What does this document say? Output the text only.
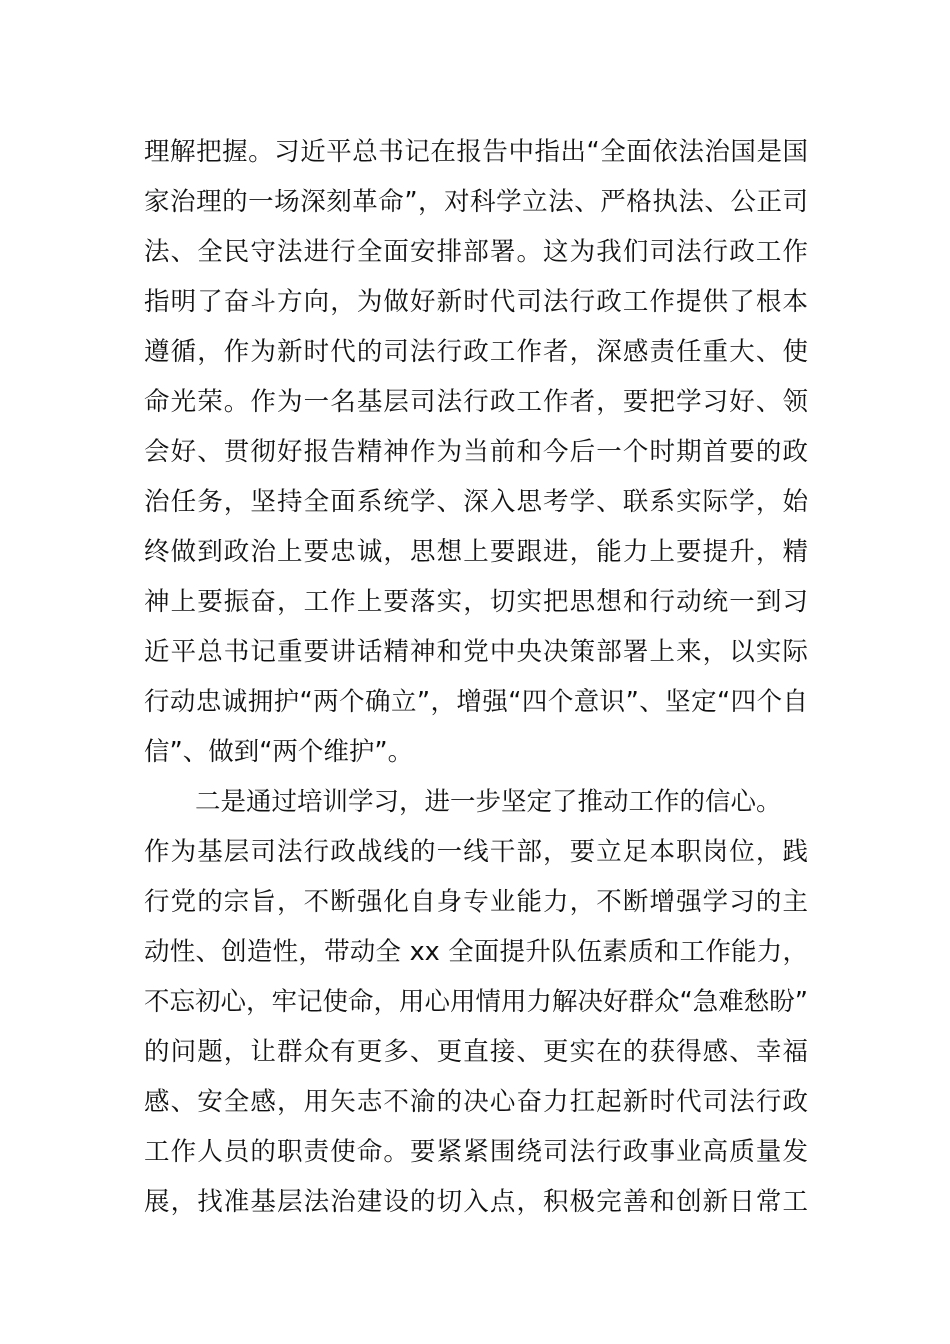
理解把握。习近平总书记在报告中指出“全面依法治国是国
家治理的一场深刻革命”，对科学立法、严格执法、公正司
法、全民守法进行全面安排部署。这为我们司法行政工作
指明了奋斗方向，为做好新时代司法行政工作提供了根本
遵循，作为新时代的司法行政工作者，深感责任重大、使
命光荣。作为一名基层司法行政工作者，要把学习好、领
会好、贯彻好报告精神作为当前和今后一个时期首要的政
治任务，坚持全面系统学、深入思考学、联系实际学，始
终做到政治上要忠诚，思想上要跟进，能力上要提升，精
神上要振奋，工作上要落实，切实把思想和行动统一到习
近平总书记重要讲话精神和党中央决策部署上来，以实际
行动忠诚拥护“两个确立”，增强“四个意识”、坚定“四个自
信”、做到“两个维护”。
二是通过培训学习，进一步坚定了推动工作的信心。
作为基层司法行政战线的一线干部，要立足本职岗位，践
行党的宗旨，不断强化自身专业能力，不断增强学习的主
动性、创造性，带动全 xx 全面提升队伍素质和工作能力，
不忘初心，牢记使命，用心用情用力解决好群众“急难愁盼”
的问题，让群众有更多、更直接、更实在的获得感、幸福
感、安全感，用矢志不渝的决心奋力扛起新时代司法行政
工作人员的职责使命。要紧紧围绕司法行政事业高质量发
展，找准基层法治建设的切入点，积极完善和创新日常工
